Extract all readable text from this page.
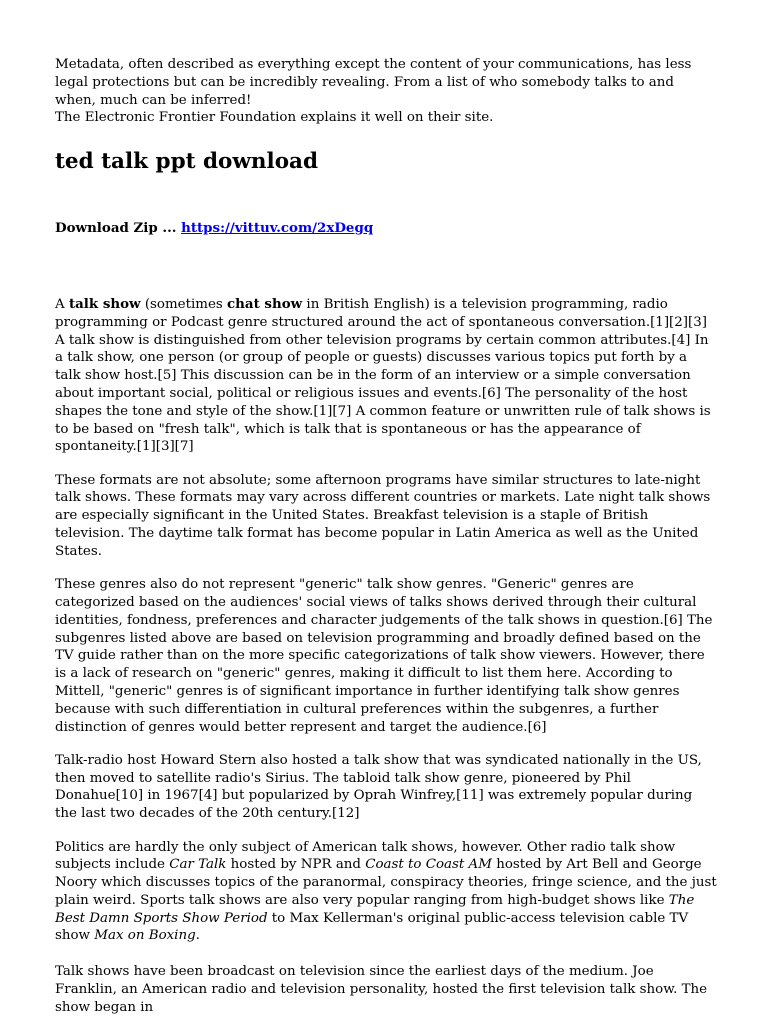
Metadata, often described as everything except the content of your communications, has less legal protections but can be incredibly revealing. From a list of who somebody talks to and when, much can be inferred!

The Electronic Frontier Foundation explains it well on their site.

ted talk ppt download

Download Zip ... https://vittuv.com/2xDegq

A talk show (sometimes chat show in British English) is a television programming, radio programming or Podcast genre structured around the act of spontaneous conversation.[1][2][3] A talk show is distinguished from other television programs by certain common attributes.[4] In a talk show, one person (or group of people or guests) discusses various topics put forth by a talk show host.[5] This discussion can be in the form of an interview or a simple conversation about important social, political or religious issues and events.[6] The personality of the host shapes the tone and style of the show.[1][7] A common feature or unwritten rule of talk shows is to be based on "fresh talk", which is talk that is spontaneous or has the appearance of spontaneity.[1][3][7]

These formats are not absolute; some afternoon programs have similar structures to late-night talk shows. These formats may vary across different countries or markets. Late night talk shows are especially significant in the United States. Breakfast television is a staple of British television. The daytime talk format has become popular in Latin America as well as the United States.

These genres also do not represent "generic" talk show genres. "Generic" genres are categorized based on the audiences' social views of talks shows derived through their cultural identities, fondness, preferences and character judgements of the talk shows in question.[6] The subgenres listed above are based on television programming and broadly defined based on the TV guide rather than on the more specific categorizations of talk show viewers. However, there is a lack of research on "generic" genres, making it difficult to list them here. According to Mittell, "generic" genres is of significant importance in further identifying talk show genres because with such differentiation in cultural preferences within the subgenres, a further distinction of genres would better represent and target the audience.[6]

Talk-radio host Howard Stern also hosted a talk show that was syndicated nationally in the US, then moved to satellite radio's Sirius. The tabloid talk show genre, pioneered by Phil Donahue[10] in 1967[4] but popularized by Oprah Winfrey,[11] was extremely popular during the last two decades of the 20th century.[12]

Politics are hardly the only subject of American talk shows, however. Other radio talk show subjects include Car Talk hosted by NPR and Coast to Coast AM hosted by Art Bell and George Noory which discusses topics of the paranormal, conspiracy theories, fringe science, and the just plain weird. Sports talk shows are also very popular ranging from high-budget shows like The Best Damn Sports Show Period to Max Kellerman's original public-access television cable TV show Max on Boxing.

Talk shows have been broadcast on television since the earliest days of the medium. Joe Franklin, an American radio and television personality, hosted the first television talk show. The show began in
